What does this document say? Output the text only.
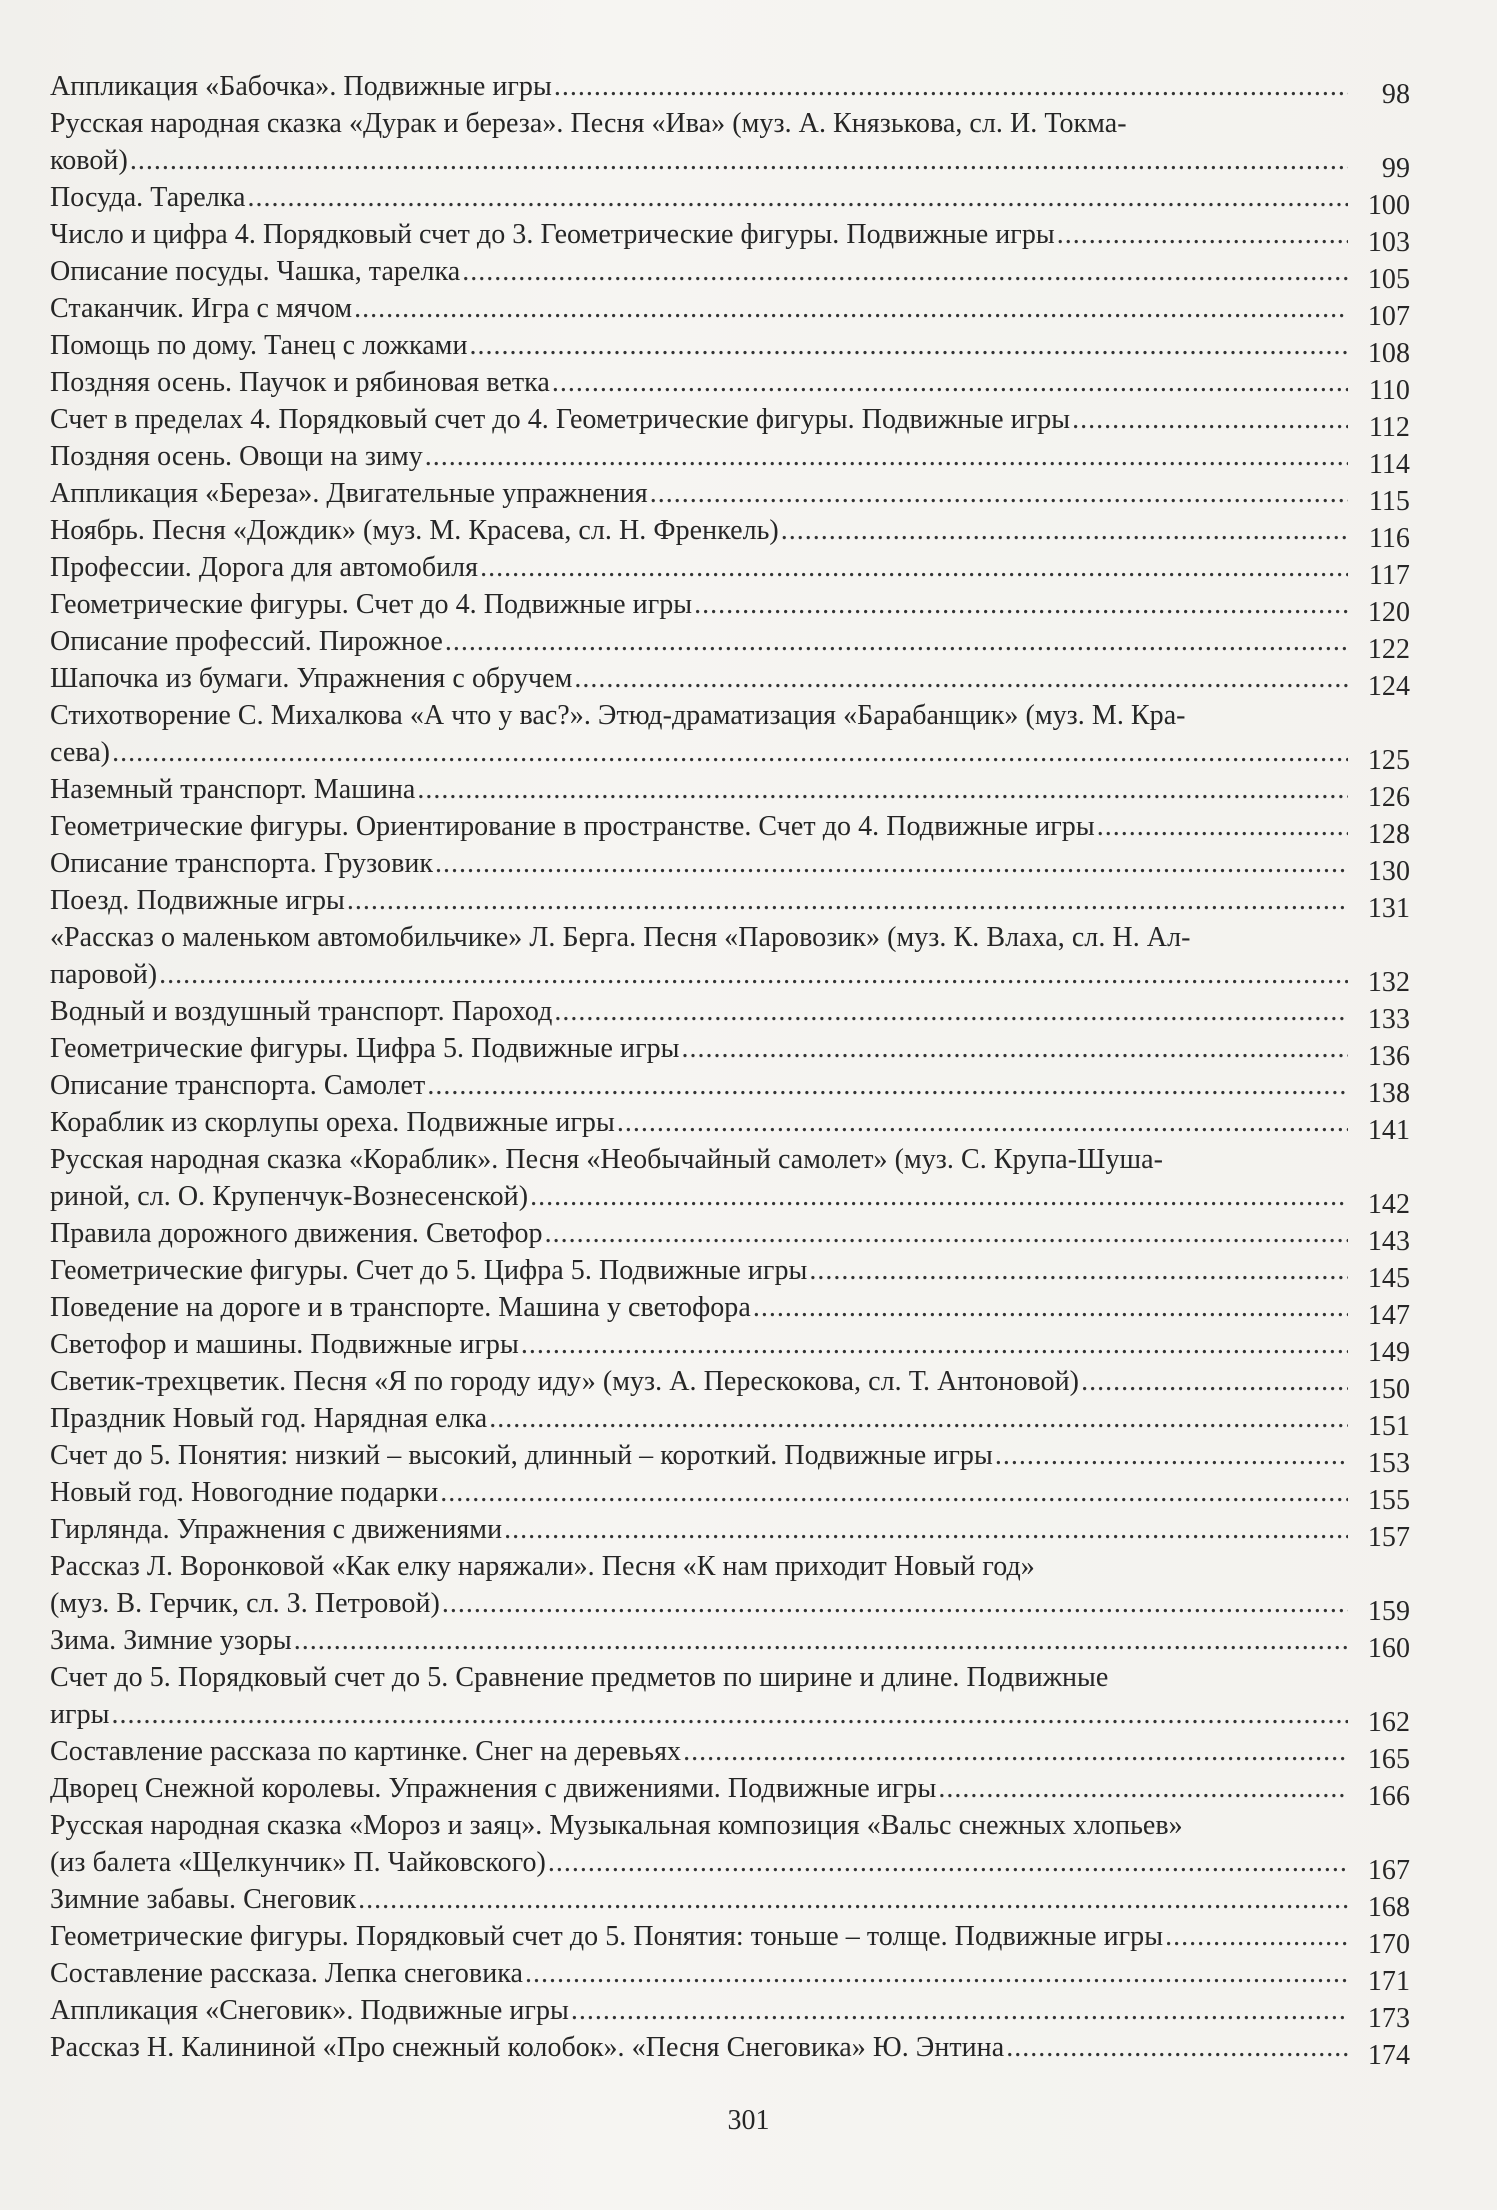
Аппликация «Бабочка». Подвижные игры .....	98
Русская народная сказка «Дурак и береза». Песня «Ива» (муз. А. Князькова, сл. И. Токма-
ковой) .....	99
Посуда. Тарелка .....	100
Число и цифра 4. Порядковый счет до 3. Геометрические фигуры. Подвижные игры .....	103
Описание посуды. Чашка, тарелка .....	105
Стаканчик. Игра с мячом .....	107
Помощь по дому. Танец с ложками .....	108
Поздняя осень. Паучок и рябиновая ветка .....	110
Счет в пределах 4. Порядковый счет до 4. Геометрические фигуры. Подвижные игры .....	112
Поздняя осень. Овощи на зиму .....	114
Аппликация «Береза». Двигательные упражнения .....	115
Ноябрь. Песня «Дождик» (муз. М. Красева, сл. Н. Френкель) .....	116
Профессии. Дорога для автомобиля .....	117
Геометрические фигуры. Счет до 4. Подвижные игры .....	120
Описание профессий. Пирожное .....	122
Шапочка из бумаги. Упражнения с обручем .....	124
Стихотворение С. Михалкова «А что у вас?». Этюд-драматизация «Барабанщик» (муз. М. Кра-
сева) .....	125
Наземный транспорт. Машина .....	126
Геометрические фигуры. Ориентирование в пространстве. Счет до 4. Подвижные игры .....	128
Описание транспорта. Грузовик .....	130
Поезд. Подвижные игры .....	131
«Рассказ о маленьком автомобильчике» Л. Берга. Песня «Паровозик» (муз. К. Влаха, сл. Н. Ал-
паровой) .....	132
Водный и воздушный транспорт. Пароход .....	133
Геометрические фигуры. Цифра 5. Подвижные игры .....	136
Описание транспорта. Самолет .....	138
Кораблик из скорлупы ореха. Подвижные игры .....	141
Русская народная сказка «Кораблик». Песня «Необычайный самолет» (муз. С. Крупа-Шуша-
риной, сл. О. Крупенчук-Вознесенской) .....	142
Правила дорожного движения. Светофор .....	143
Геометрические фигуры. Счет до 5. Цифра 5. Подвижные игры .....	145
Поведение на дороге и в транспорте. Машина у светофора .....	147
Светофор и машины. Подвижные игры .....	149
Светик-трехцветик. Песня «Я по городу иду» (муз. А. Перескокова, сл. Т. Антоновой) .....	150
Праздник Новый год. Нарядная елка .....	151
Счет до 5. Понятия: низкий – высокий, длинный – короткий. Подвижные игры .....	153
Новый год. Новогодние подарки .....	155
Гирлянда. Упражнения с движениями .....	157
Рассказ Л. Воронковой «Как елку наряжали». Песня «К нам приходит Новый год»
(муз. В. Герчик, сл. З. Петровой) .....	159
Зима. Зимние узоры .....	160
Счет до 5. Порядковый счет до 5. Сравнение предметов по ширине и длине. Подвижные
игры .....	162
Составление рассказа по картинке. Снег на деревьях .....	165
Дворец Снежной королевы. Упражнения с движениями. Подвижные игры .....	166
Русская народная сказка «Мороз и заяц». Музыкальная композиция «Вальс снежных хлопьев»
(из балета «Щелкунчик» П. Чайковского) .....	167
Зимние забавы. Снеговик .....	168
Геометрические фигуры. Порядковый счет до 5. Понятия: тоньше – толще. Подвижные игры .....	170
Составление рассказа. Лепка снеговика .....	171
Аппликация «Снеговик». Подвижные игры .....	173
Рассказ Н. Калининой «Про снежный колобок». «Песня Снеговика» Ю. Энтина .....	174
301
